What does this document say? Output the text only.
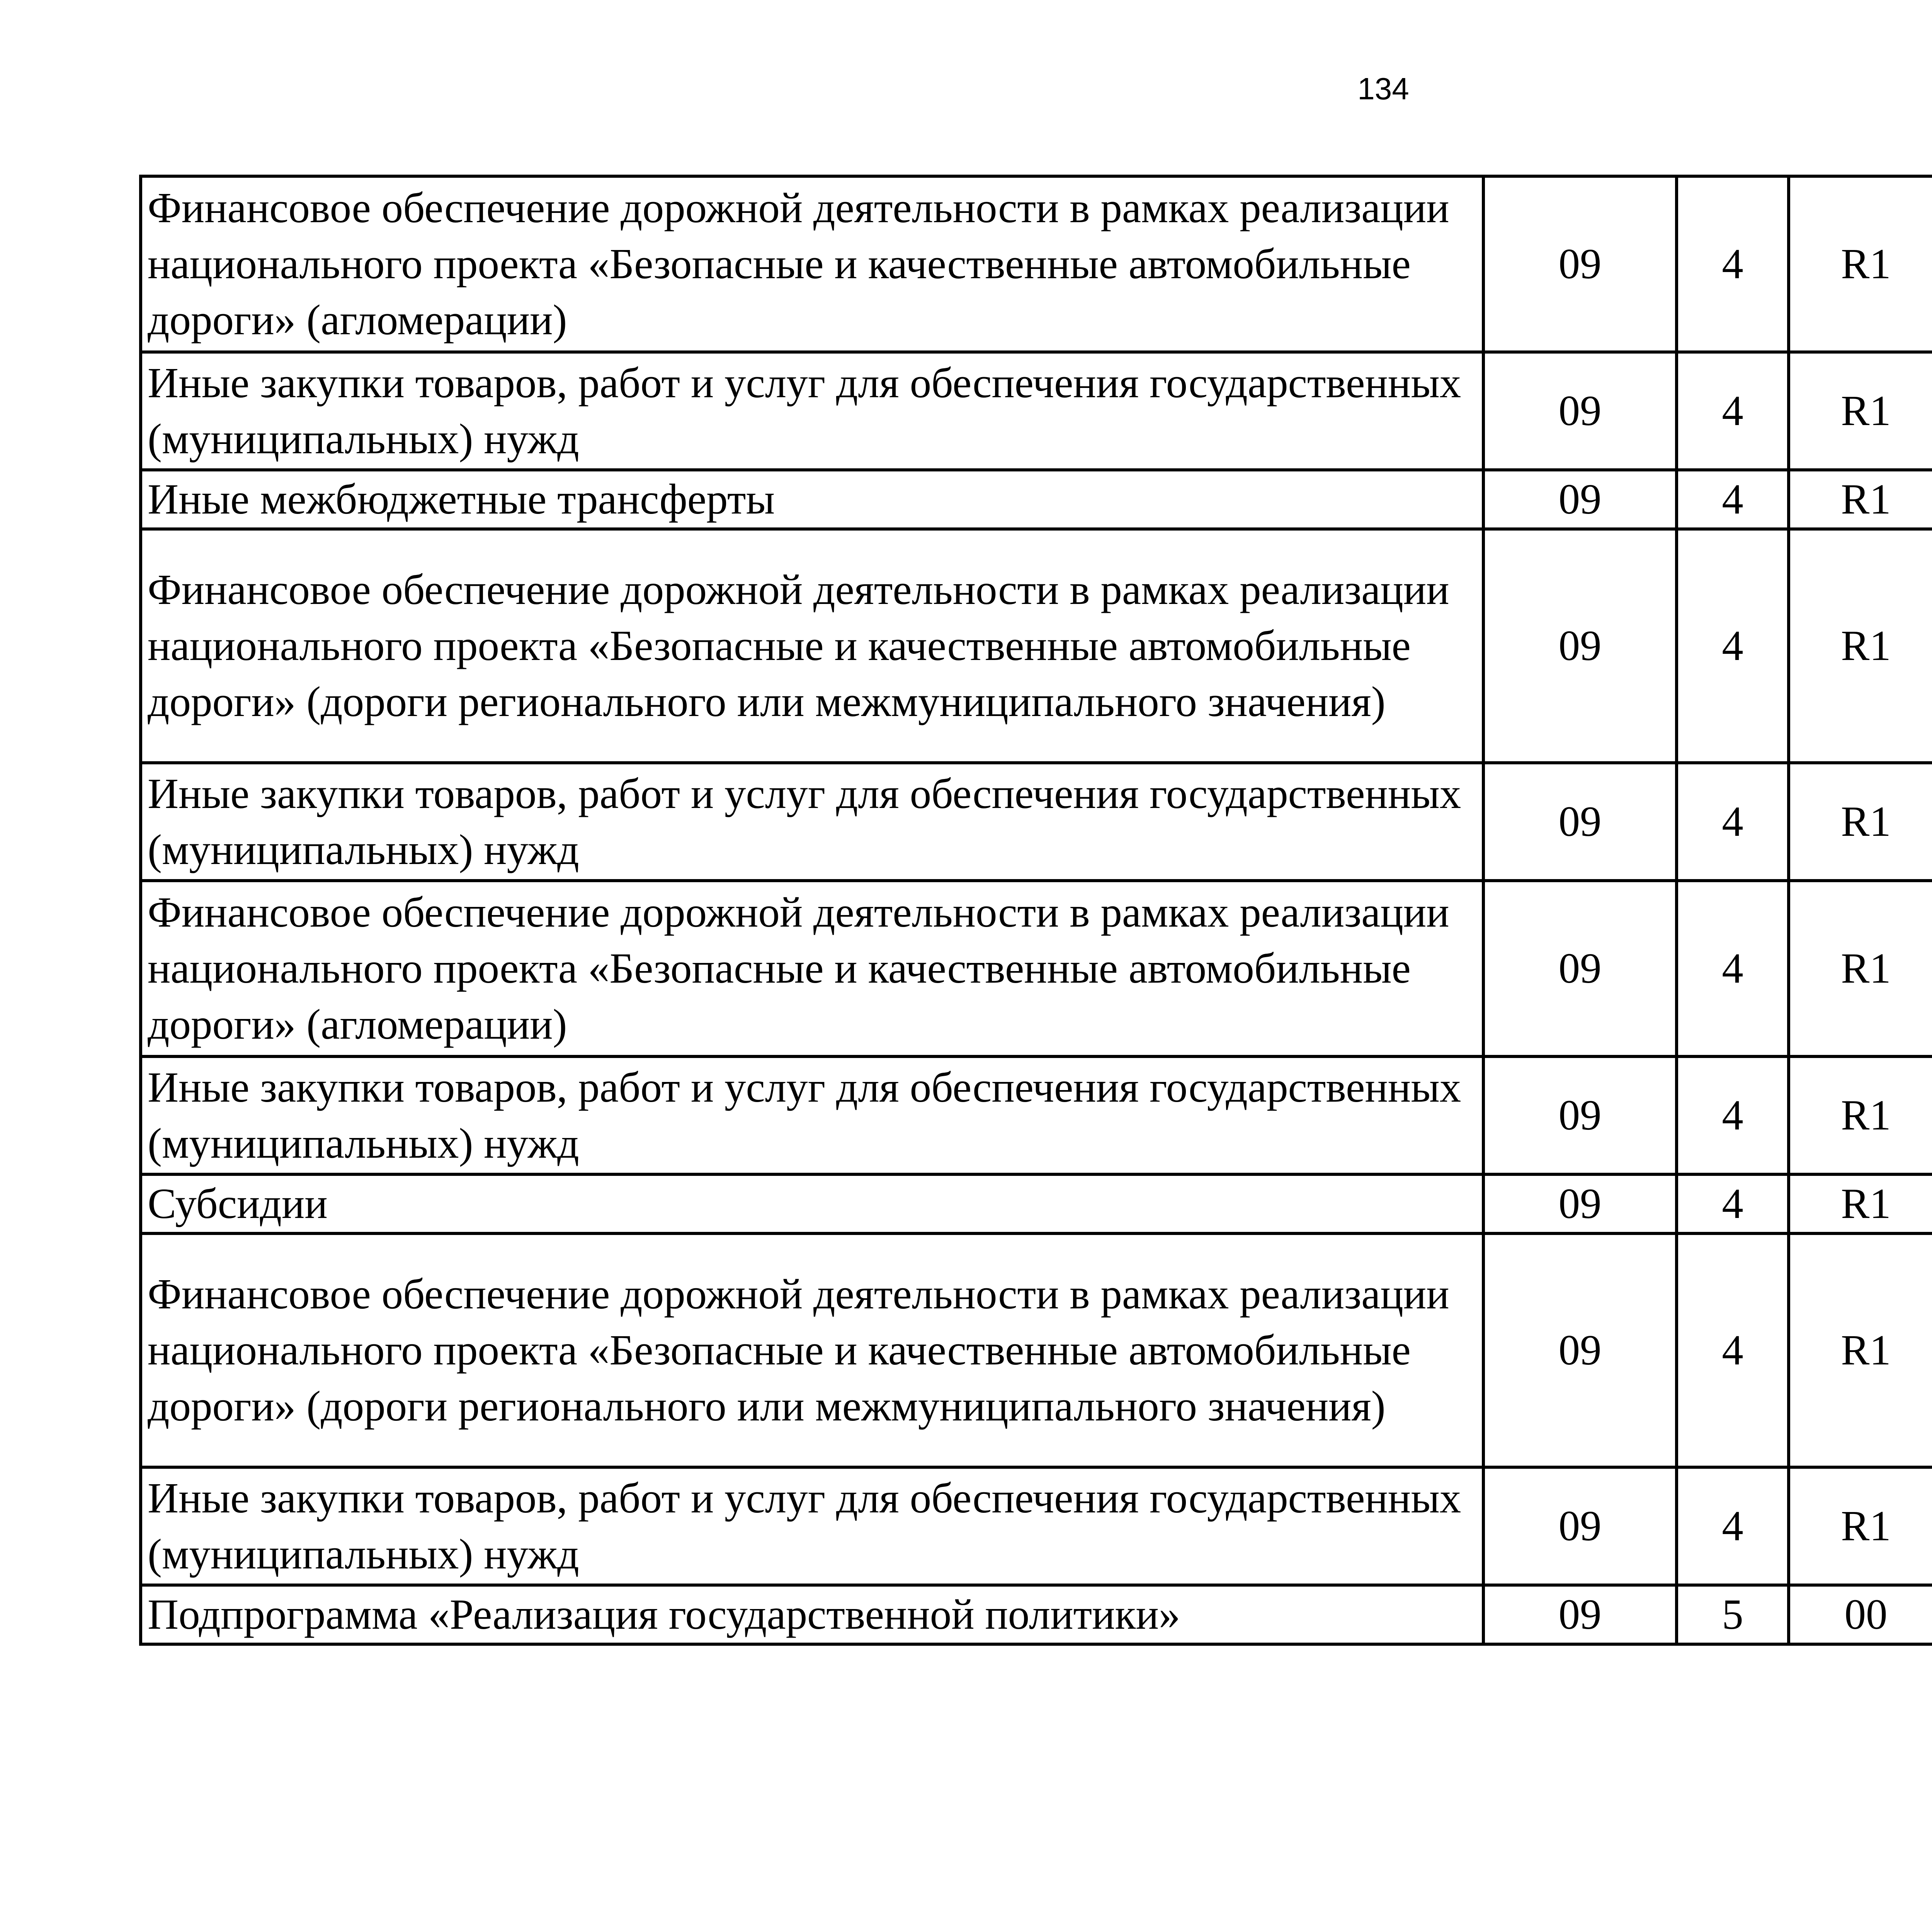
134
Финансовое обеспечение дорожной деятельности в рамках реализации национального проекта «Безопасные и качественные автомобильные дороги» (агломерации)	09	4	R1			

Иные закупки товаров, работ и услуг для обеспечения государственных (муниципальных) нужд	09	4	R1			

Иные межбюджетные трансферты	09	4	R1			

Финансовое обеспечение дорожной деятельности в рамках реализации национального проекта «Безопасные и качественные автомобильные дороги» (дороги регионального или межмуниципального значения)	09	4	R1			

Иные закупки товаров, работ и услуг для обеспечения государственных (муниципальных) нужд	09	4	R1			

Финансовое обеспечение дорожной деятельности в рамках реализации национального проекта «Безопасные и качественные автомобильные дороги» (агломерации)	09	4	R1			

Иные закупки товаров, работ и услуг для обеспечения государственных (муниципальных) нужд	09	4	R1			

Субсидии	09	4	R1			

Финансовое обеспечение дорожной деятельности в рамках реализации национального проекта «Безопасные и качественные автомобильные дороги» (дороги регионального или межмуниципального значения)	09	4	R1			

Иные закупки товаров, работ и услуг для обеспечения государственных (муниципальных) нужд	09	4	R1			

Подпрограмма «Реализация государственной политики»	09	5	00			
